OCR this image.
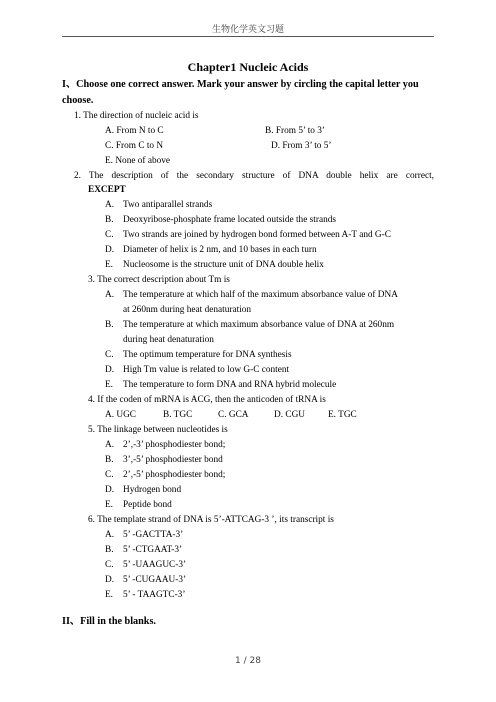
生物化学英文习题
Chapter1 Nucleic Acids
I、Choose one correct answer. Mark your answer by circling the capital letter you choose.
1. The direction of nucleic acid is
A. From N to C	B. From 5’ to 3’
C. From C to N	D. From 3’ to 5’
E. None of above
2. The description of the secondary structure of DNA double helix are correct,
EXCEPT
A. Two antiparallel strands
B. Deoxyribose-phosphate frame located outside the strands
C. Two strands are joined by hydrogen bond formed between A-T and G-C
D. Diameter of helix is 2 nm, and 10 bases in each turn
E. Nucleosome is the structure unit of DNA double helix
3. The correct description about Tm is
A. The temperature at which half of the maximum absorbance value of DNA
at 260nm during heat denaturation
B. The temperature at which maximum absorbance value of DNA at 260nm
during heat denaturation
C. The optimum temperature for DNA synthesis
D. High Tm value is related to low G-C content
E. The temperature to form DNA and RNA hybrid molecule
4. If the coden of mRNA is ACG, then the anticoden of tRNA is
A. UGC	B. TGC	C. GCA	D. CGU E. TGC
5. The linkage between nucleotides is
A. 2’,-3’ phosphodiester bond;
B. 3’,-5’ phosphodiester bond
C. 2’,-5’ phosphodiester bond;
D. Hydrogen bond
E. Peptide bond
6. The template strand of DNA is 5’-ATTCAG-3 ’, its transcript is
A. 5’ -GACTTA-3’
B. 5’ -CTGAAT-3’
C. 5’ -UAAGUC-3’
D. 5’ -CUGAAU-3’
E. 5’ - TAAGTC-3’
II、Fill in the blanks.
1 / 28
